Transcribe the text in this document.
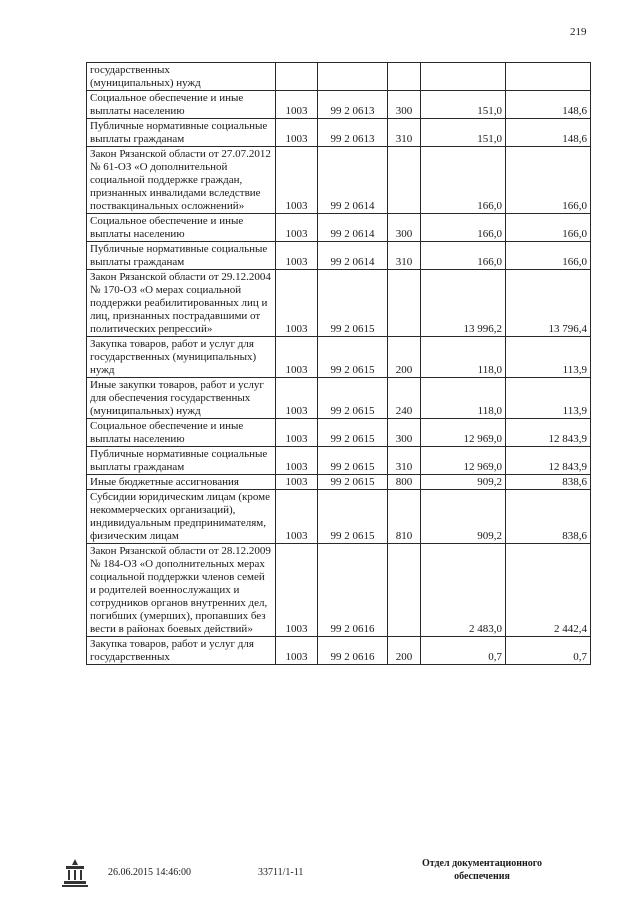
219
государственных
(муниципальных) нужд					
Социальное обеспечение и иные выплаты населению	1003	99 2 0613	300	151,0	148,6
Публичные нормативные социальные выплаты гражданам	1003	99 2 0613	310	151,0	148,6
Закон Рязанской области от 27.07.2012 № 61-ОЗ «О дополнительной социальной поддержке граждан, признанных инвалидами вследствие поствакцинальных осложнений»	1003	99 2 0614		166,0	166,0
Социальное обеспечение и иные выплаты населению	1003	99 2 0614	300	166,0	166,0
Публичные нормативные социальные выплаты гражданам	1003	99 2 0614	310	166,0	166,0
Закон Рязанской области от 29.12.2004 № 170-ОЗ «О мерах социальной поддержки реабилитированных лиц и лиц, признанных пострадавшими от политических репрессий»	1003	99 2 0615		13 996,2	13 796,4
Закупка товаров, работ и услуг для государственных (муниципальных) нужд	1003	99 2 0615	200	118,0	113,9
Иные закупки товаров, работ и услуг для обеспечения государственных (муниципальных) нужд	1003	99 2 0615	240	118,0	113,9
Социальное обеспечение и иные выплаты населению	1003	99 2 0615	300	12 969,0	12 843,9
Публичные нормативные социальные выплаты гражданам	1003	99 2 0615	310	12 969,0	12 843,9
Иные бюджетные ассигнования	1003	99 2 0615	800	909,2	838,6
Субсидии юридическим лицам (кроме некоммерческих организаций), индивидуальным предпринимателям, физическим лицам	1003	99 2 0615	810	909,2	838,6
Закон Рязанской области от 28.12.2009 № 184-ОЗ «О дополнительных мерах социальной поддержки членов семей и родителей военнослужащих и сотрудников органов внутренних дел, погибших (умерших), пропавших без вести в районах боевых действий»	1003	99 2 0616		2 483,0	2 442,4
Закупка товаров, работ и услуг для государственных	1003	99 2 0616	200	0,7	0,7
26.06.2015 14:46:00	33711/1-11
Отдел документационного
обеспечения
